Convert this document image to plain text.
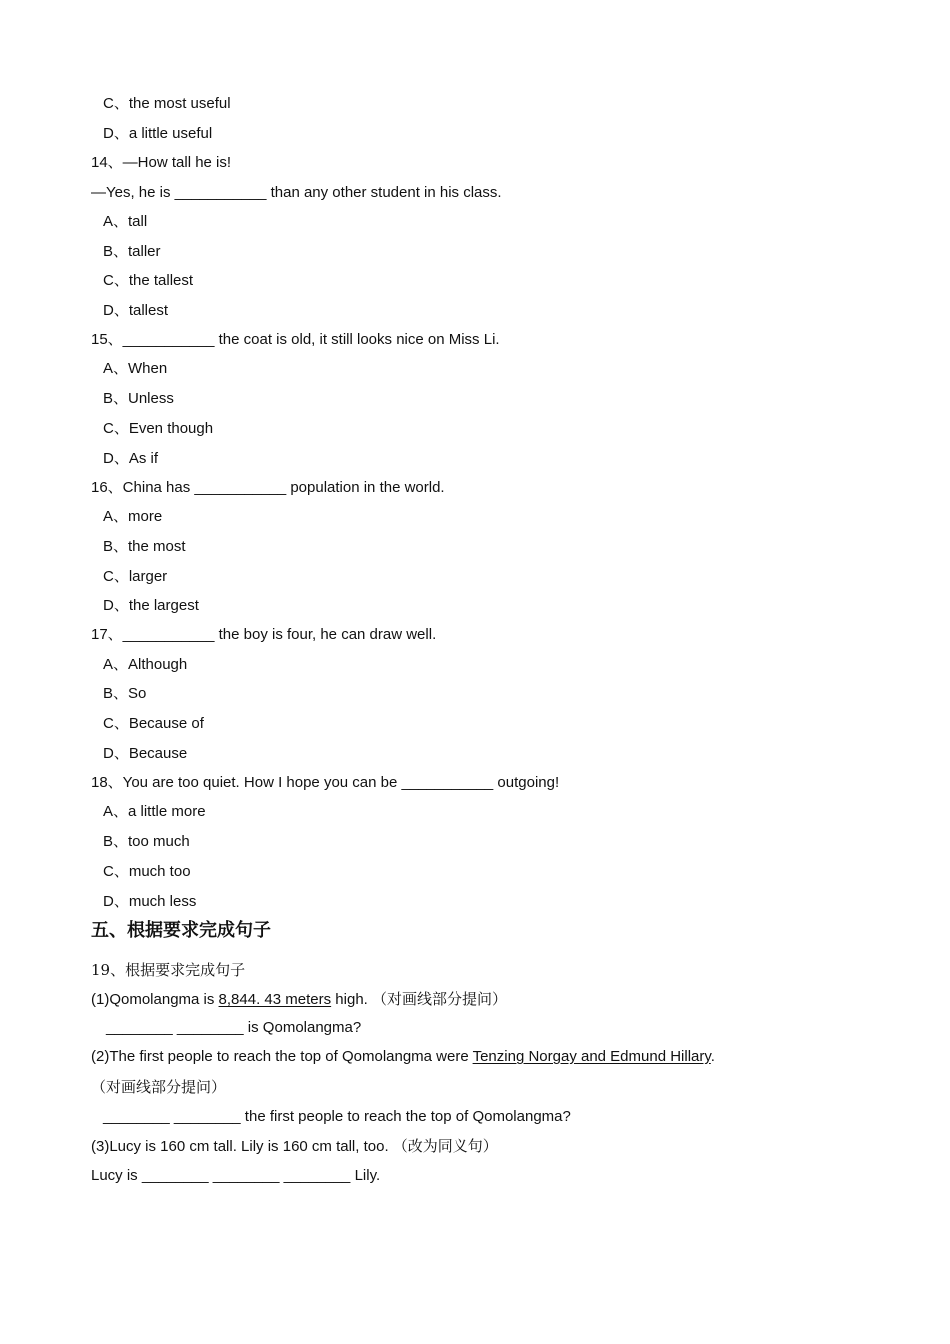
C、the most useful
D、a little useful
14、—How tall he is!
—Yes, he is ___________ than any other student in his class.
A、tall
B、taller
C、the tallest
D、tallest
15、___________ the coat is old, it still looks nice on Miss Li.
A、When
B、Unless
C、Even though
D、As if
16、China has ___________ population in the world.
A、more
B、the most
C、larger
D、the largest
17、___________ the boy is four, he can draw well.
A、Although
B、So
C、Because of
D、Because
18、You are too quiet. How I hope you can be ___________ outgoing!
A、a little more
B、too much
C、much too
D、much less
五、根据要求完成句子
19、根据要求完成句子
(1)Qomolangma is 8,844. 43 meters high. （对画线部分提问）
________ ________ is Qomolangma?
(2)The first people to reach the top of Qomolangma were Tenzing Norgay and Edmund Hillary.
（对画线部分提问）
________ ________ the first people to reach the top of Qomolangma?
(3)Lucy is 160 cm tall. Lily is 160 cm tall, too. （改为同义句）
Lucy is ________ ________ ________ Lily.
